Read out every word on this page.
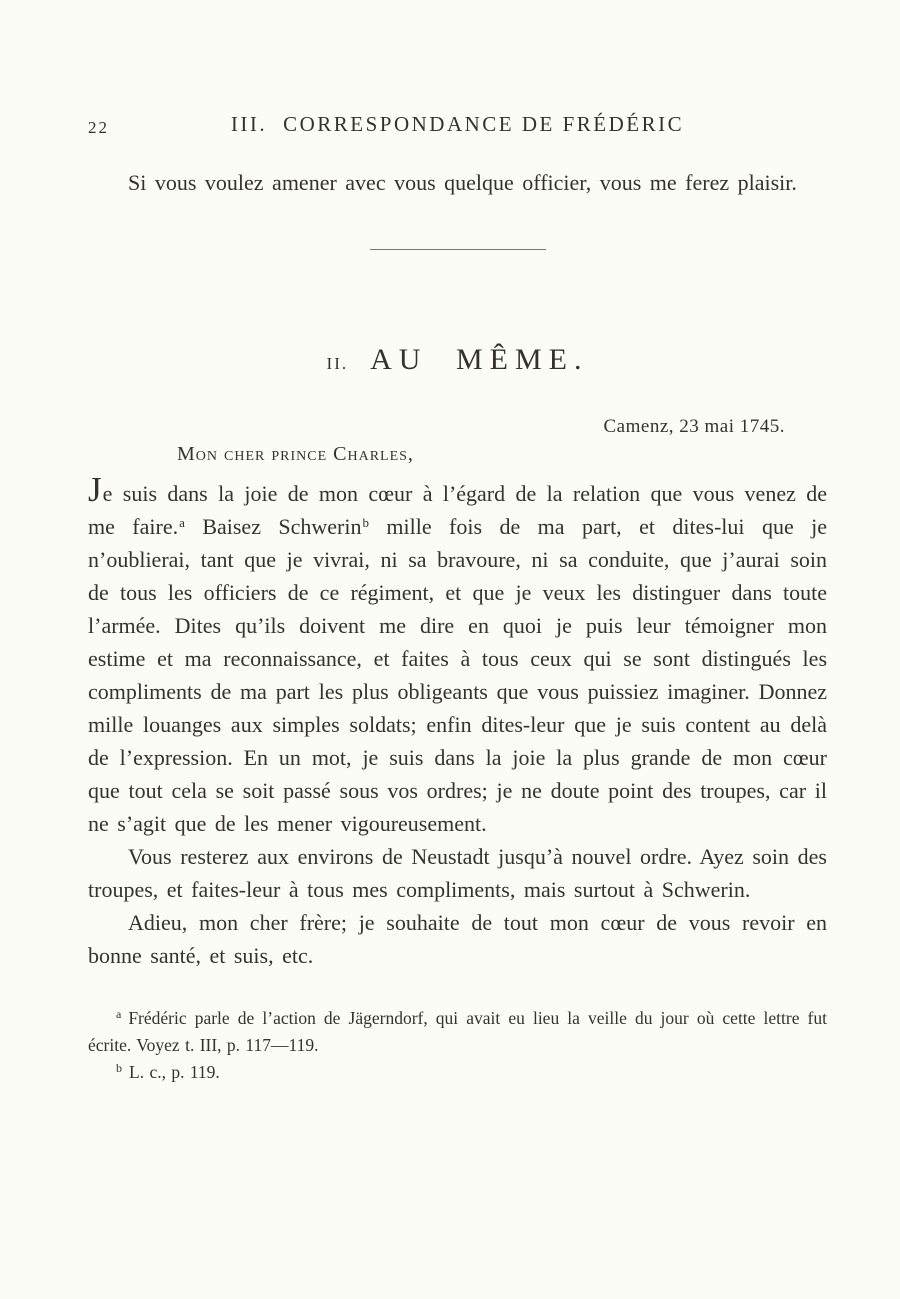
22	III. CORRESPONDANCE DE FRÉDÉRIC

Si vous voulez amener avec vous quelque officier, vous me ferez plaisir.

II. AU MÊME.
Camenz, 23 mai 1745.
Mon cher prince Charles,

Je suis dans la joie de mon cœur à l’égard de la relation que vous venez de me faire.$^a$ Baisez Schwerin$^b$ mille fois de ma part, et dites-lui que je n’oublierai, tant que je vivrai, ni sa bravoure, ni sa conduite, que j’aurai soin de tous les officiers de ce régiment, et que je veux les distinguer dans toute l’armée. Dites qu’ils doivent me dire en quoi je puis leur témoigner mon estime et ma reconnaissance, et faites à tous ceux qui se sont distingués les compliments de ma part les plus obligeants que vous puissiez imaginer. Donnez mille louanges aux simples soldats; enfin dites-leur que je suis content au delà de l’expression. En un mot, je suis dans la joie la plus grande de mon cœur que tout cela se soit passé sous vos ordres; je ne doute point des troupes, car il ne s’agit que de les mener vigoureusement.

Vous resterez aux environs de Neustadt jusqu’à nouvel ordre. Ayez soin des troupes, et faites-leur à tous mes compliments, mais surtout à Schwerin.

Adieu, mon cher frère; je souhaite de tout mon cœur de vous revoir en bonne santé, et suis, etc.

$^a$ Frédéric parle de l’action de Jägerndorf, qui avait eu lieu la veille du jour où cette lettre fut écrite. Voyez t. III, p. 117—119.

$^b$ L. c., p. 119.
